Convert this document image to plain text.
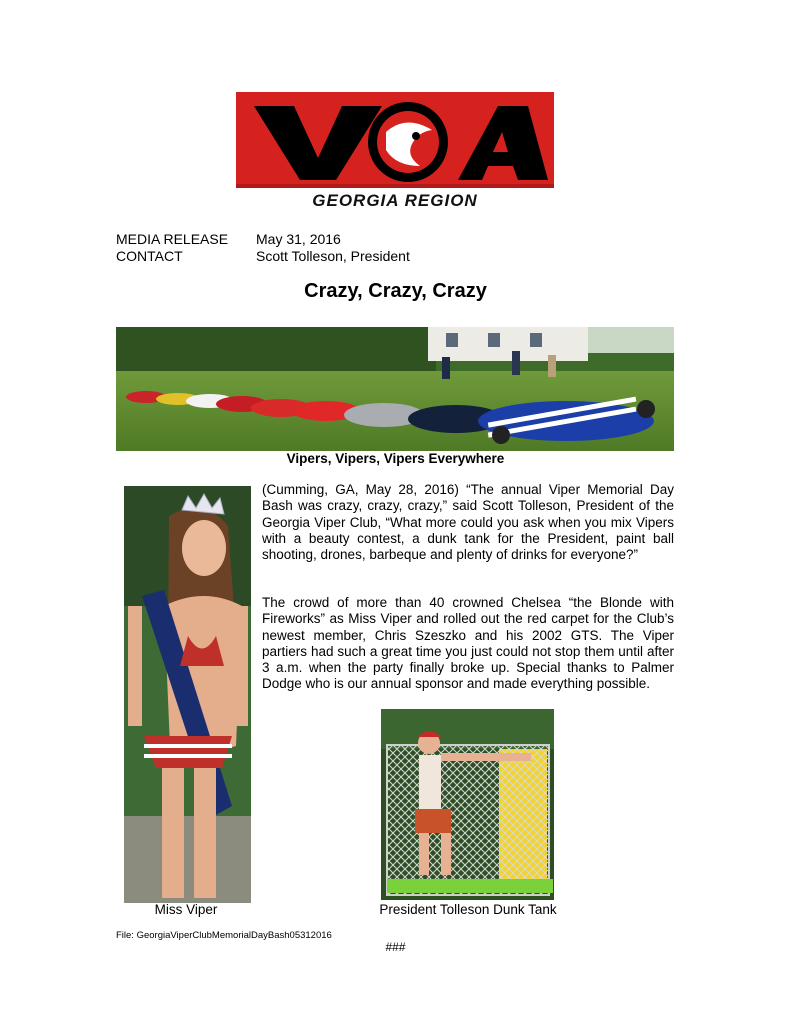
GEORGIA REGION
MEDIA RELEASE May 31, 2016
CONTACT	Scott Tolleson, President
Crazy, Crazy, Crazy
Vipers, Vipers, Vipers Everywhere
(Cumming, GA, May 28, 2016) “The annual Viper Memorial Day Bash was crazy, crazy, crazy,” said Scott Tolleson, President of the Georgia Viper Club, “What more could you ask when you mix Vipers with a beauty contest, a dunk tank for the President, paint ball shooting, drones, barbeque and plenty of drinks for everyone?”
The crowd of more than 40 crowned Chelsea “the Blonde with Fireworks” as Miss Viper and rolled out the red carpet for the Club’s newest member, Chris Szeszko and his 2002 GTS. The Viper partiers had such a great time you just could not stop them until after 3 a.m. when the party finally broke up. Special thanks to Palmer Dodge who is our annual sponsor and made everything possible.
Miss Viper	President Tolleson Dunk Tank
File: GeorgiaViperClubMemorialDayBash05312016
###
